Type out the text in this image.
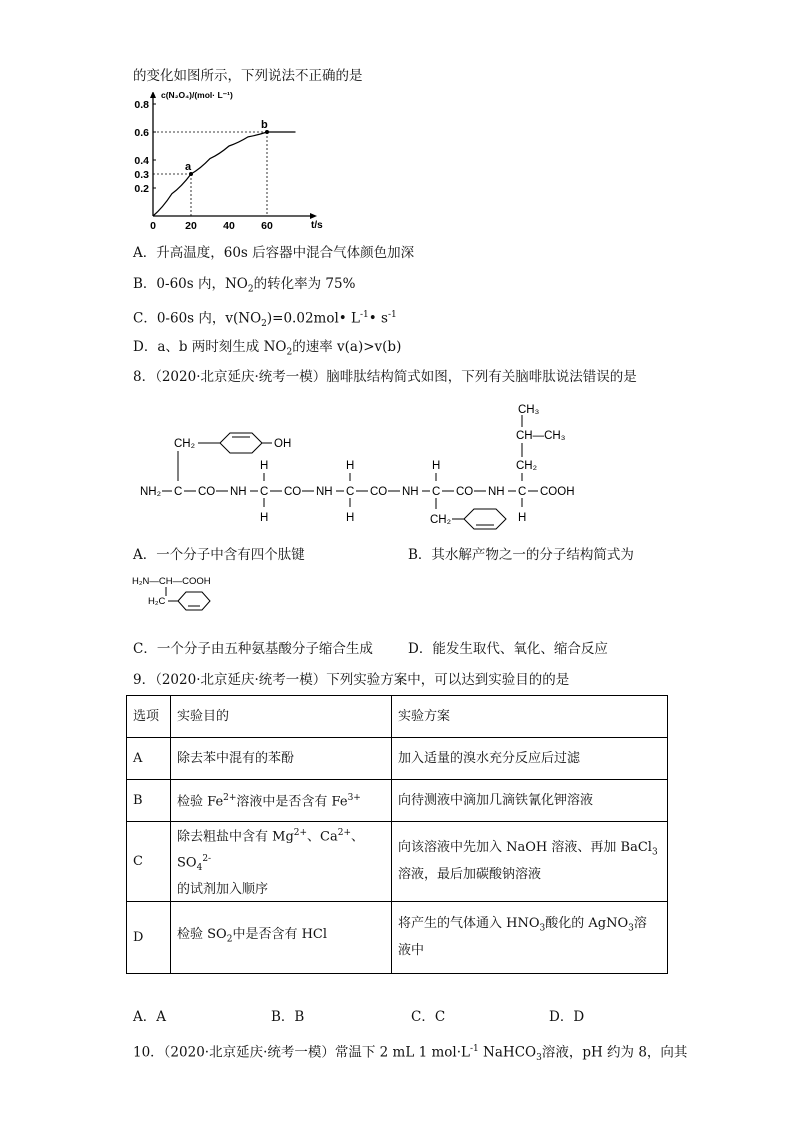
的变化如图所示，下列说法不正确的是
c(N₂O₄)/(mol· L⁻¹)
t/s
0	20	40	60
0.2
0.4
0.6
0.8
0.3
a
b
A．升高温度，60s 后容器中混合气体颜色加深
B．0-60s 内，$NO_2$的转化率为 75%
C．0-60s 内，$v(NO_2)=0.02mol•$ $L^{-1}•$ $s^{-1}$
D．a、b 两时刻生成 $NO_2$的速率 v(a)>v(b)
8．（2020·北京延庆·统考一模）脑啡肽结构简式如图，下列有关脑啡肽说法错误的是
CH₂	OH
CH₃
CH—CH₃
CH₂
NH₂ C CO NH C
H
H
CO NH C
H
H
CO NH C
H
CH₂
CO NH C
H
COOH
A．一个分子中含有四个肽键	B．其水解产物之一的分子结构简式为
H₂N—CH—COOH
H₂C
C．一个分子由五种氨基酸分子缩合生成	D．能发生取代、氧化、缩合反应
9．（2020·北京延庆·统考一模）下列实验方案中，可以达到实验目的的是
选项	实验目的	实验方案
A	除去苯中混有的苯酚	加入适量的溴水充分反应后过滤
B	检验 $Fe^{2+}$溶液中是否含有 $Fe^{3+}$	向待测液中滴加几滴铁氰化钾溶液
C	除去粗盐中含有 $Mg^{2+}$、$Ca^{2+}$、$SO_4^{2-}$
的试剂加入顺序	向该溶液中先加入 NaOH 溶液、再加 BaCl$_3$
溶液，最后加碳酸钠溶液
D	检验 $SO_2$中是否含有 HCl	将产生的气体通入 $HNO_3$酸化的 AgNO$_3$溶
液中
A．A	B．B	C．C	D．D
10．（2020·北京延庆·统考一模）常温下 2 mL 1 $mol\cdot L^{-1}$ NaHCO$_3$溶液，pH 约为 8，向其
